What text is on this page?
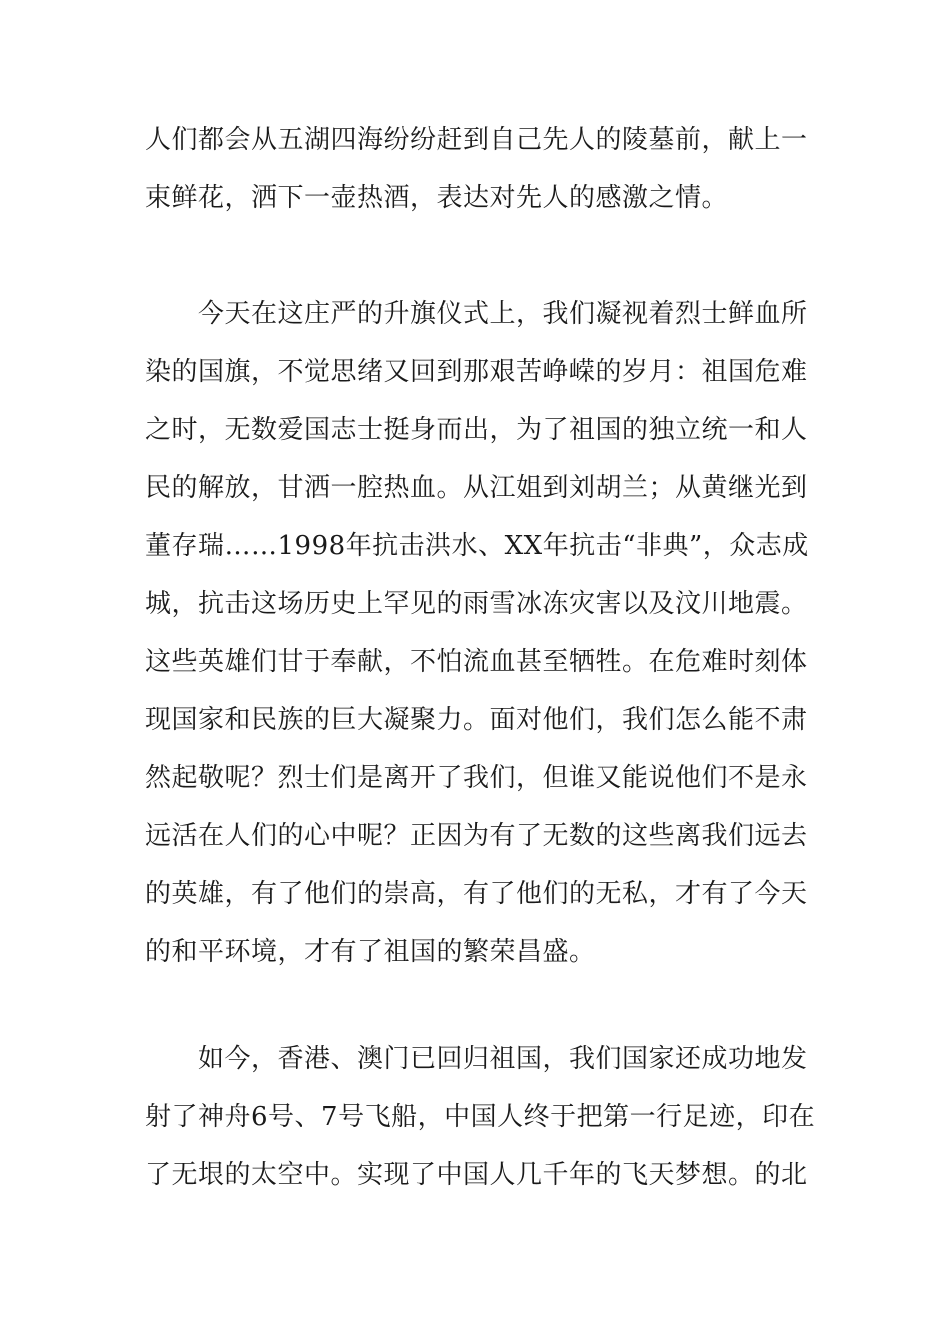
人们都会从五湖四海纷纷赶到自己先人的陵墓前，献上一
束鲜花，洒下一壶热酒，表达对先人的感激之情。
　　今天在这庄严的升旗仪式上，我们凝视着烈士鲜血所
染的国旗，不觉思绪又回到那艰苦峥嵘的岁月：祖国危难
之时，无数爱国志士挺身而出，为了祖国的独立统一和人
民的解放，甘洒一腔热血。从江姐到刘胡兰；从黄继光到
董存瑞……1998年抗击洪水、XX年抗击“非典”，众志成
城，抗击这场历史上罕见的雨雪冰冻灾害以及汶川地震。
这些英雄们甘于奉献，不怕流血甚至牺牲。在危难时刻体
现国家和民族的巨大凝聚力。面对他们，我们怎么能不肃
然起敬呢？烈士们是离开了我们，但谁又能说他们不是永
远活在人们的心中呢？正因为有了无数的这些离我们远去
的英雄，有了他们的崇高，有了他们的无私，才有了今天
的和平环境，才有了祖国的繁荣昌盛。
　　如今，香港、澳门已回归祖国，我们国家还成功地发
射了神舟6号、7号飞船，中国人终于把第一行足迹，印在
了无垠的太空中。实现了中国人几千年的飞天梦想。的北
